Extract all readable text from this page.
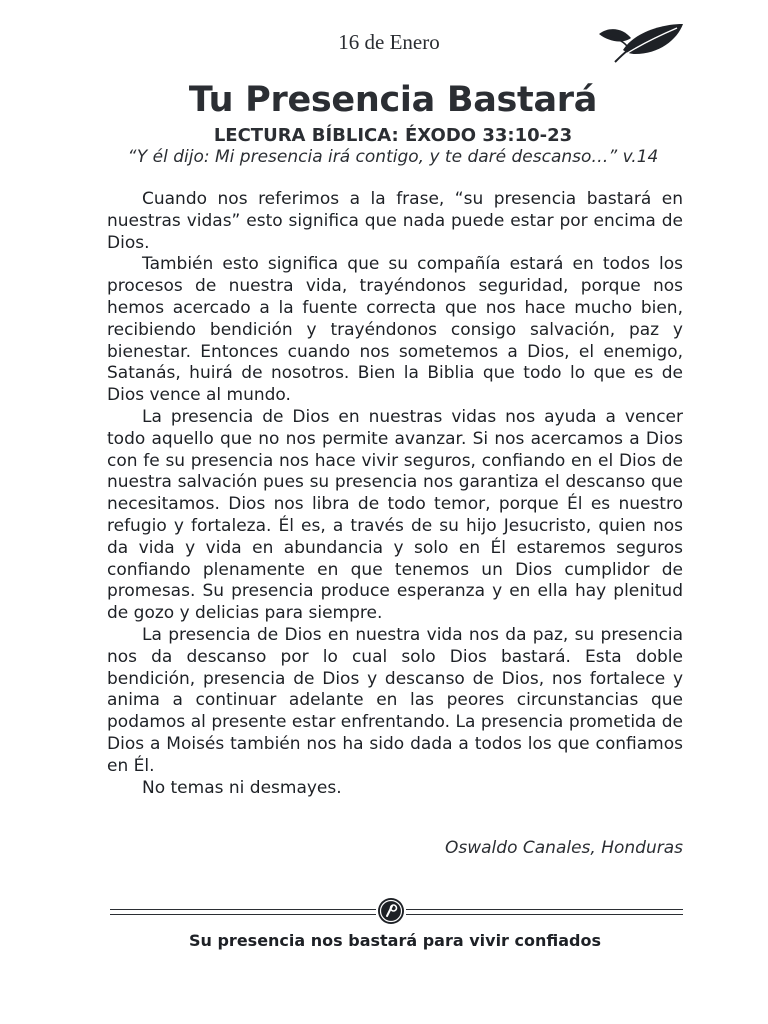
16 de Enero

Tu Presencia Bastará

LECTURA BÍBLICA: ÉXODO 33:10-23

“Y él dijo: Mi presencia irá contigo, y te daré descanso…” v.14

Cuando nos referimos a la frase, “su presencia bastará en nuestras vidas” esto significa que nada puede estar por encima de Dios.

También esto significa que su compañía estará en todos los procesos de nuestra vida, trayéndonos seguridad, porque nos hemos acercado a la fuente correcta que nos hace mucho bien, recibiendo bendición y trayéndonos consigo salvación, paz y bienestar. Entonces cuando nos sometemos a Dios, el enemigo, Satanás, huirá de nosotros. Bien la Biblia que todo lo que es de Dios vence al mundo.

La presencia de Dios en nuestras vidas nos ayuda a vencer todo aquello que no nos permite avanzar. Si nos acercamos a Dios con fe su presencia nos hace vivir seguros, confiando en el Dios de nuestra salvación pues su presencia nos garantiza el descanso que necesitamos. Dios nos libra de todo temor, porque Él es nuestro refugio y fortaleza. Él es, a través de su hijo Jesucristo, quien nos da vida y vida en abundancia y solo en Él estaremos seguros confiando plenamente en que tenemos un Dios cumplidor de promesas. Su presencia produce esperanza y en ella hay plenitud de gozo y delicias para siempre.

La presencia de Dios en nuestra vida nos da paz, su presencia nos da descanso por lo cual solo Dios bastará. Esta doble bendición, presencia de Dios y descanso de Dios, nos fortalece y anima a continuar adelante en las peores circunstancias que podamos al presente estar enfrentando. La presencia prometida de Dios a Moisés también nos ha sido dada a todos los que confiamos en Él.

No temas ni desmayes.

Oswaldo Canales, Honduras

Su presencia nos bastará para vivir confiados
